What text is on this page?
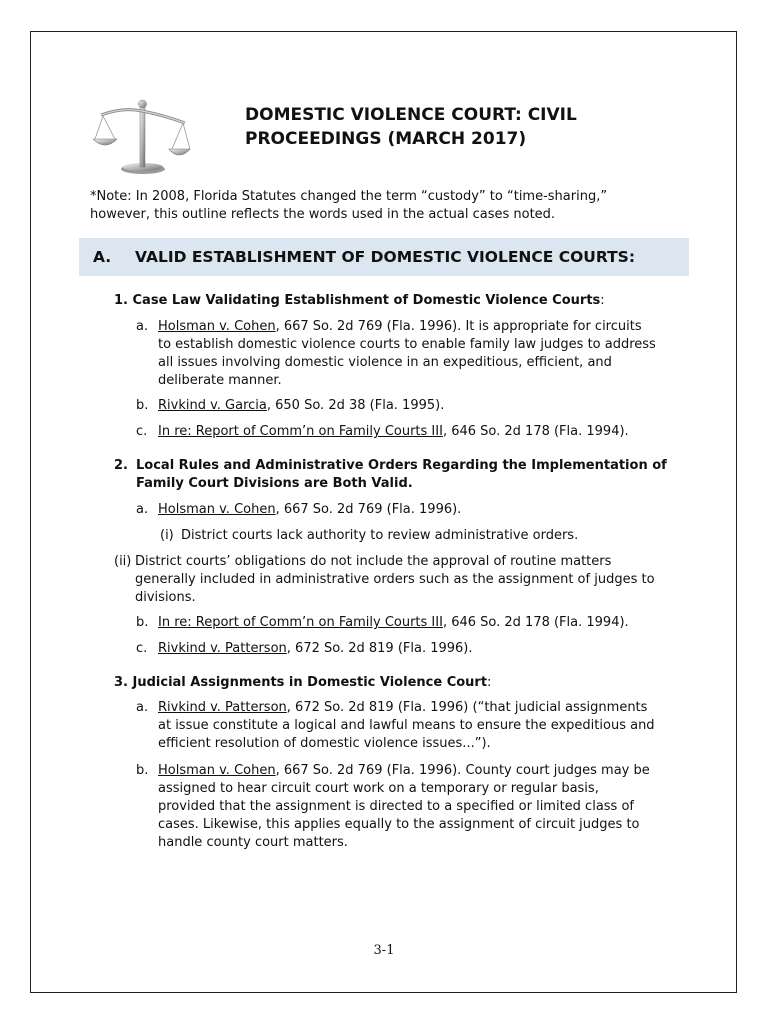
DOMESTIC VIOLENCE COURT: CIVIL
PROCEEDINGS (MARCH 2017)
*Note: In 2008, Florida Statutes changed the term “custody” to “time-sharing,”
however, this outline reflects the words used in the actual cases noted.
A. VALID ESTABLISHMENT OF DOMESTIC VIOLENCE COURTS:
1. Case Law Validating Establishment of Domestic Violence Courts:
a. Holsman v. Cohen, 667 So. 2d 769 (Fla. 1996). It is appropriate for circuits
to establish domestic violence courts to enable family law judges to address
all issues involving domestic violence in an expeditious, efficient, and
deliberate manner.
b. Rivkind v. Garcia, 650 So. 2d 38 (Fla. 1995).
c. In re: Report of Comm’n on Family Courts III, 646 So. 2d 178 (Fla. 1994).
2. Local Rules and Administrative Orders Regarding the Implementation of
Family Court Divisions are Both Valid.
a. Holsman v. Cohen, 667 So. 2d 769 (Fla. 1996).
(i) District courts lack authority to review administrative orders.
(ii) District courts’ obligations do not include the approval of routine matters
generally included in administrative orders such as the assignment of judges to
divisions.
b. In re: Report of Comm’n on Family Courts III, 646 So. 2d 178 (Fla. 1994).
c. Rivkind v. Patterson, 672 So. 2d 819 (Fla. 1996).
3. Judicial Assignments in Domestic Violence Court:
a. Rivkind v. Patterson, 672 So. 2d 819 (Fla. 1996) (“that judicial assignments
at issue constitute a logical and lawful means to ensure the expeditious and
efficient resolution of domestic violence issues...”).
b. Holsman v. Cohen, 667 So. 2d 769 (Fla. 1996). County court judges may be
assigned to hear circuit court work on a temporary or regular basis,
provided that the assignment is directed to a specified or limited class of
cases. Likewise, this applies equally to the assignment of circuit judges to
handle county court matters.
3-1
